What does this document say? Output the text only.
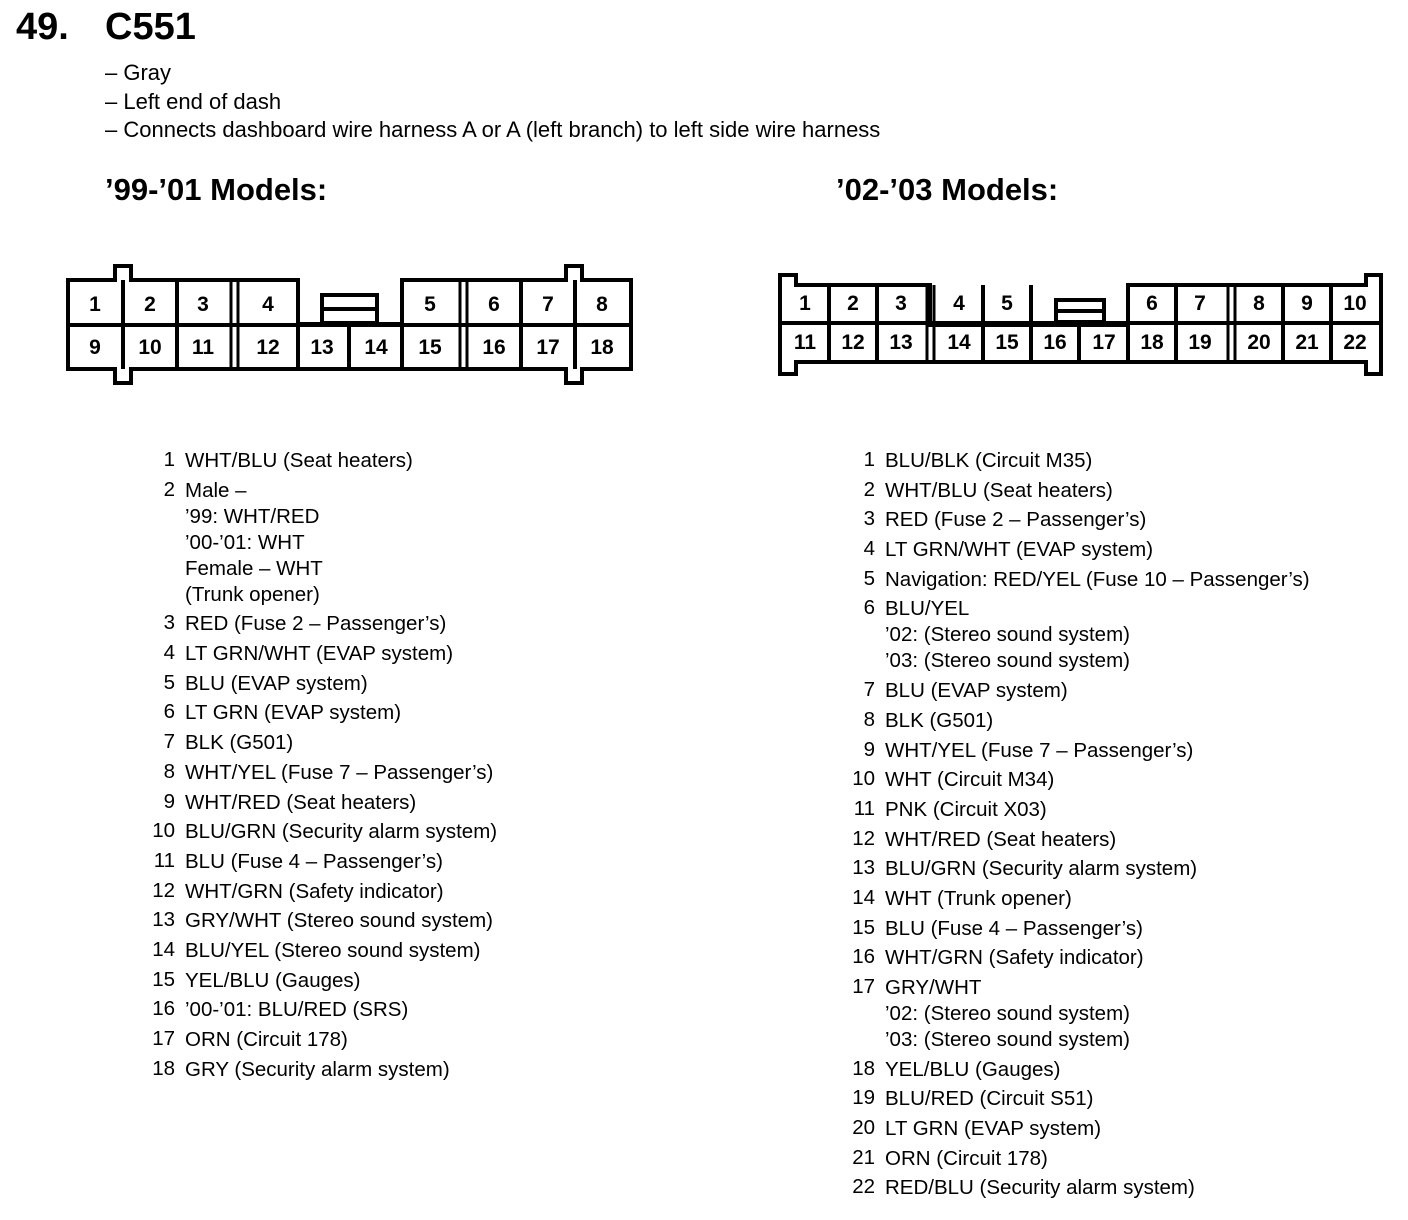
49. C551
– Gray
– Left end of dash
– Connects dashboard wire harness A or A (left branch) to left side wire harness
’99-’01 Models:	’02-’03 Models:
1 2 3	4	5 6 7 8
9 10 11 12 13 14 15 16 17 18
1 2 3 4 5	6 7 8 9 10
11 12 13 14 15 16 17 18 19 20 21 22
1 WHT/BLU (Seat heaters)
2 Male –
’99: WHT/RED
’00-’01: WHT
Female – WHT
(Trunk opener)
3 RED (Fuse 2 – Passenger’s)
4 LT GRN/WHT (EVAP system)
5 BLU (EVAP system)
6 LT GRN (EVAP system)
7 BLK (G501)
8 WHT/YEL (Fuse 7 – Passenger’s)
9 WHT/RED (Seat heaters)
10 BLU/GRN (Security alarm system)
11 BLU (Fuse 4 – Passenger’s)
12 WHT/GRN (Safety indicator)
13 GRY/WHT (Stereo sound system)
14 BLU/YEL (Stereo sound system)
15 YEL/BLU (Gauges)
16 ’00-’01: BLU/RED (SRS)
17 ORN (Circuit 178)
18 GRY (Security alarm system)
1 BLU/BLK (Circuit M35)
2 WHT/BLU (Seat heaters)
3 RED (Fuse 2 – Passenger’s)
4 LT GRN/WHT (EVAP system)
5 Navigation: RED/YEL (Fuse 10 – Passenger’s)
6 BLU/YEL
’02: (Stereo sound system)
’03: (Stereo sound system)
7 BLU (EVAP system)
8 BLK (G501)
9 WHT/YEL (Fuse 7 – Passenger’s)
10 WHT (Circuit M34)
11 PNK (Circuit X03)
12 WHT/RED (Seat heaters)
13 BLU/GRN (Security alarm system)
14 WHT (Trunk opener)
15 BLU (Fuse 4 – Passenger’s)
16 WHT/GRN (Safety indicator)
17 GRY/WHT
’02: (Stereo sound system)
’03: (Stereo sound system)
18 YEL/BLU (Gauges)
19 BLU/RED (Circuit S51)
20 LT GRN (EVAP system)
21 ORN (Circuit 178)
22 RED/BLU (Security alarm system)
